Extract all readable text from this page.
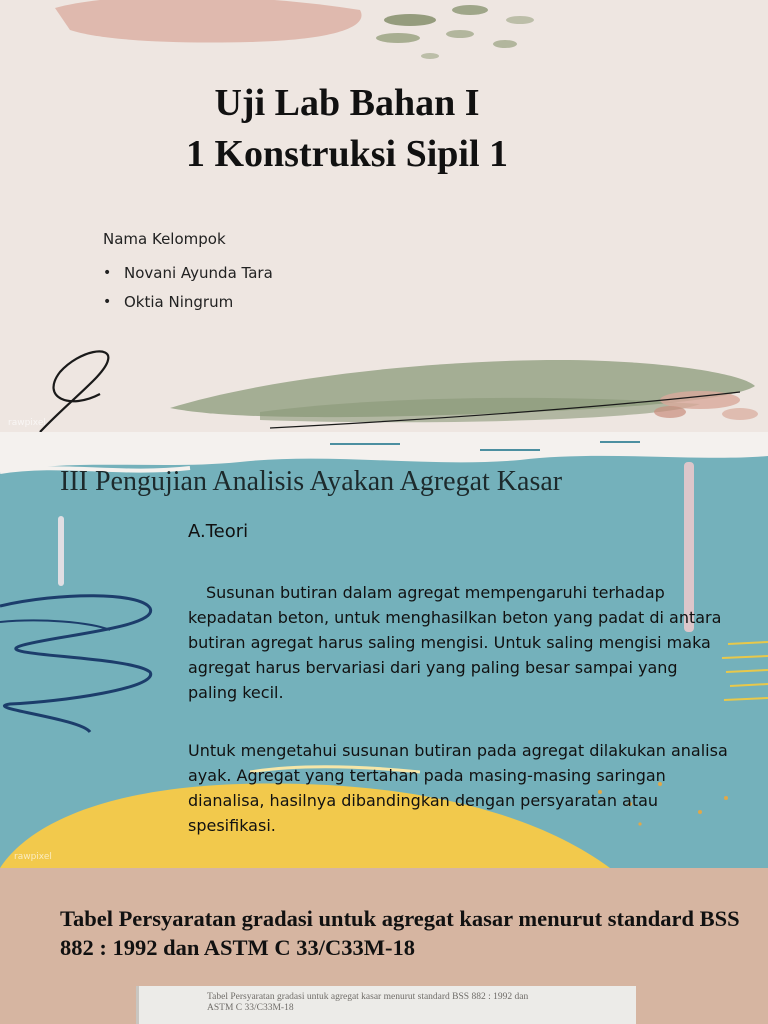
Uji Lab Bahan I
1 Konstruksi Sipil 1
Nama Kelompok
• Novani Ayunda Tara
• Oktia Ningrum
rawpixel
III Pengujian Analisis Ayakan Agregat Kasar
A.Teori
Susunan butiran dalam agregat mempengaruhi terhadap kepadatan beton, untuk menghasilkan beton yang padat di antara butiran agregat harus saling mengisi. Untuk saling mengisi maka agregat harus bervariasi dari yang paling besar sampai yang paling kecil.
Untuk mengetahui susunan butiran pada agregat dilakukan analisa ayak. Agregat yang tertahan pada masing-masing saringan dianalisa, hasilnya dibandingkan dengan persyaratan atau spesifikasi.
rawpixel
Tabel Persyaratan gradasi untuk agregat kasar menurut standard BSS 882 : 1992 dan ASTM C 33/C33M-18
Tabel Persyaratan gradasi untuk agregat kasar menurut standard BSS 882 : 1992 dan
ASTM C 33/C33M-18
